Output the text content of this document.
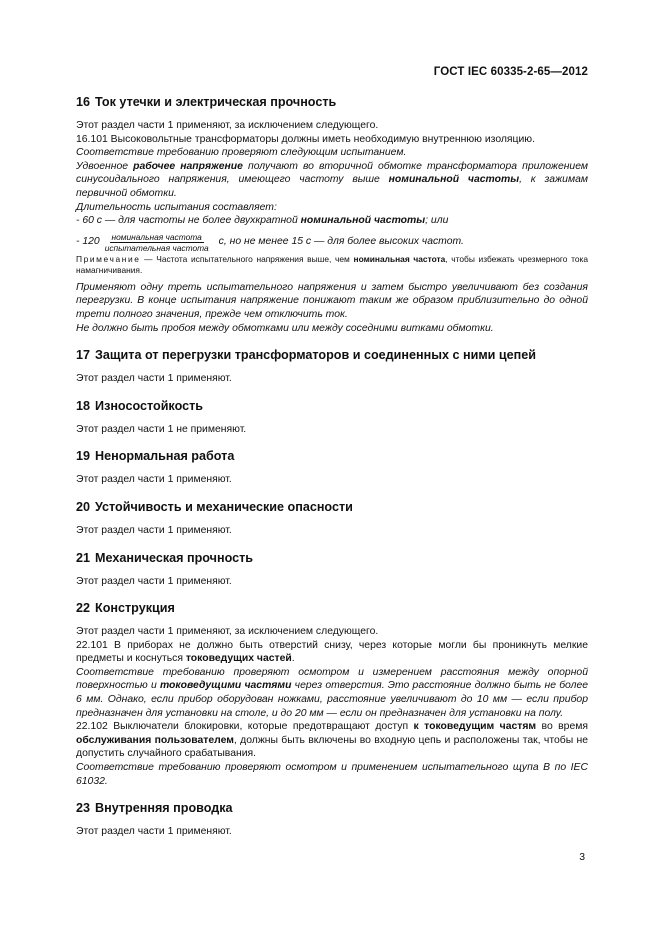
ГОСТ IEC 60335-2-65—2012
16 Ток утечки и электрическая прочность

Этот раздел части 1 применяют, за исключением следующего.

16.101 Высоковольтные трансформаторы должны иметь необходимую внутреннюю изоляцию.

Соответствие требованию проверяют следующим испытанием.

Удвоенное рабочее напряжение получают во вторичной обмотке трансформатора приложением синусоидального напряжения, имеющего частоту выше номинальной частоты, к зажимам первичной обмотки.

Длительность испытания составляет:

- 60 с — для частоты не более двухкратной номинальной частоты; или

- $120 \frac{\text{номинальная частота}}{\text{испытательная частота}} с$, но не менее 15 с — для более высоких частот.

Примечание — Частота испытательного напряжения выше, чем номинальная частота, чтобы избежать чрезмерного тока намагничивания.

Применяют одну треть испытательного напряжения и затем быстро увеличивают без создания перегрузки. В конце испытания напряжение понижают таким же образом приблизительно до одной трети полного значения, прежде чем отключить ток.

Не должно быть пробоя между обмотками или между соседними витками обмотки.

17 Защита от перегрузки трансформаторов и соединенных с ними цепей

Этот раздел части 1 применяют.

18 Износостойкость

Этот раздел части 1 не применяют.

19 Ненормальная работа

Этот раздел части 1 применяют.

20 Устойчивость и механические опасности

Этот раздел части 1 применяют.

21 Механическая прочность

Этот раздел части 1 применяют.

22 Конструкция

Этот раздел части 1 применяют, за исключением следующего.

22.101 В приборах не должно быть отверстий снизу, через которые могли бы проникнуть мелкие предметы и коснуться токоведущих частей.

Соответствие требованию проверяют осмотром и измерением расстояния между опорной поверхностью и токоведущими частями через отверстия. Это расстояние должно быть не более 6 мм. Однако, если прибор оборудован ножками, расстояние увеличивают до 10 мм — если прибор предназначен для установки на столе, и до 20 мм — если он предназначен для установки на полу.

22.102 Выключатели блокировки, которые предотвращают доступ к токоведущим частям во время обслуживания пользователем, должны быть включены во входную цепь и расположены так, чтобы не допустить случайного срабатывания.

Соответствие требованию проверяют осмотром и применением испытательного щупа B по IEC 61032.

23 Внутренняя проводка

Этот раздел части 1 применяют.

3
